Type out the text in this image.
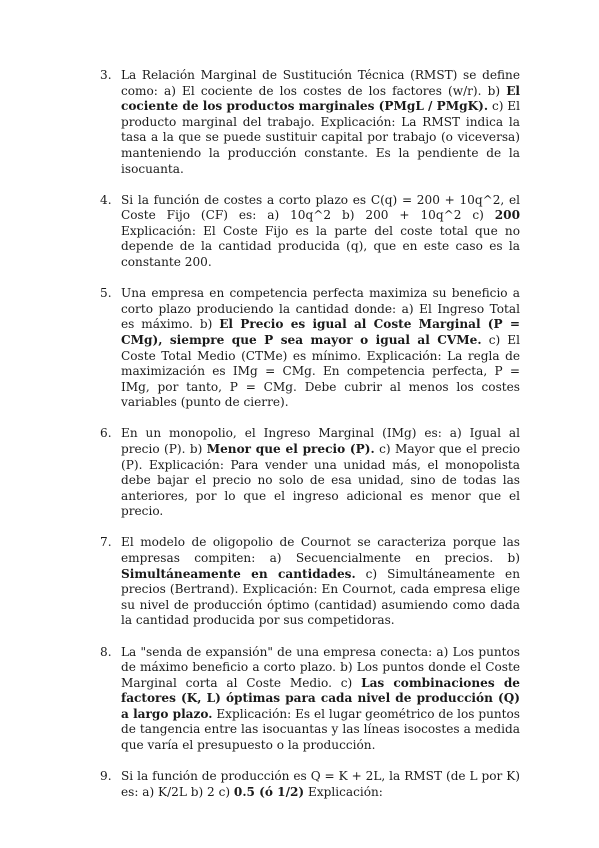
3. La Relación Marginal de Sustitución Técnica (RMST) se define como: a) El cociente de los costes de los factores (w/r). b) El cociente de los productos marginales (PMgL / PMgK). c) El producto marginal del trabajo. Explicación: La RMST indica la tasa a la que se puede sustituir capital por trabajo (o viceversa) manteniendo la producción constante. Es la pendiente de la isocuanta.
4. Si la función de costes a corto plazo es C(q) = 200 + 10q^2, el Coste Fijo (CF) es: a) 10q^2 b) 200 + 10q^2 c) 200 Explicación: El Coste Fijo es la parte del coste total que no depende de la cantidad producida (q), que en este caso es la constante 200.
5. Una empresa en competencia perfecta maximiza su beneficio a corto plazo produciendo la cantidad donde: a) El Ingreso Total es máximo. b) El Precio es igual al Coste Marginal (P = CMg), siempre que P sea mayor o igual al CVMe. c) El Coste Total Medio (CTMe) es mínimo. Explicación: La regla de maximización es IMg = CMg. En competencia perfecta, P = IMg, por tanto, P = CMg. Debe cubrir al menos los costes variables (punto de cierre).
6. En un monopolio, el Ingreso Marginal (IMg) es: a) Igual al precio (P). b) Menor que el precio (P). c) Mayor que el precio (P). Explicación: Para vender una unidad más, el monopolista debe bajar el precio no solo de esa unidad, sino de todas las anteriores, por lo que el ingreso adicional es menor que el precio.
7. El modelo de oligopolio de Cournot se caracteriza porque las empresas compiten: a) Secuencialmente en precios. b) Simultáneamente en cantidades. c) Simultáneamente en precios (Bertrand). Explicación: En Cournot, cada empresa elige su nivel de producción óptimo (cantidad) asumiendo como dada la cantidad producida por sus competidoras.
8. La "senda de expansión" de una empresa conecta: a) Los puntos de máximo beneficio a corto plazo. b) Los puntos donde el Coste Marginal corta al Coste Medio. c) Las combinaciones de factores (K, L) óptimas para cada nivel de producción (Q) a largo plazo. Explicación: Es el lugar geométrico de los puntos de tangencia entre las isocuantas y las líneas isocostes a medida que varía el presupuesto o la producción.
9. Si la función de producción es Q = K + 2L, la RMST (de L por K) es: a) K/2L b) 2 c) 0.5 (ó 1/2) Explicación:
